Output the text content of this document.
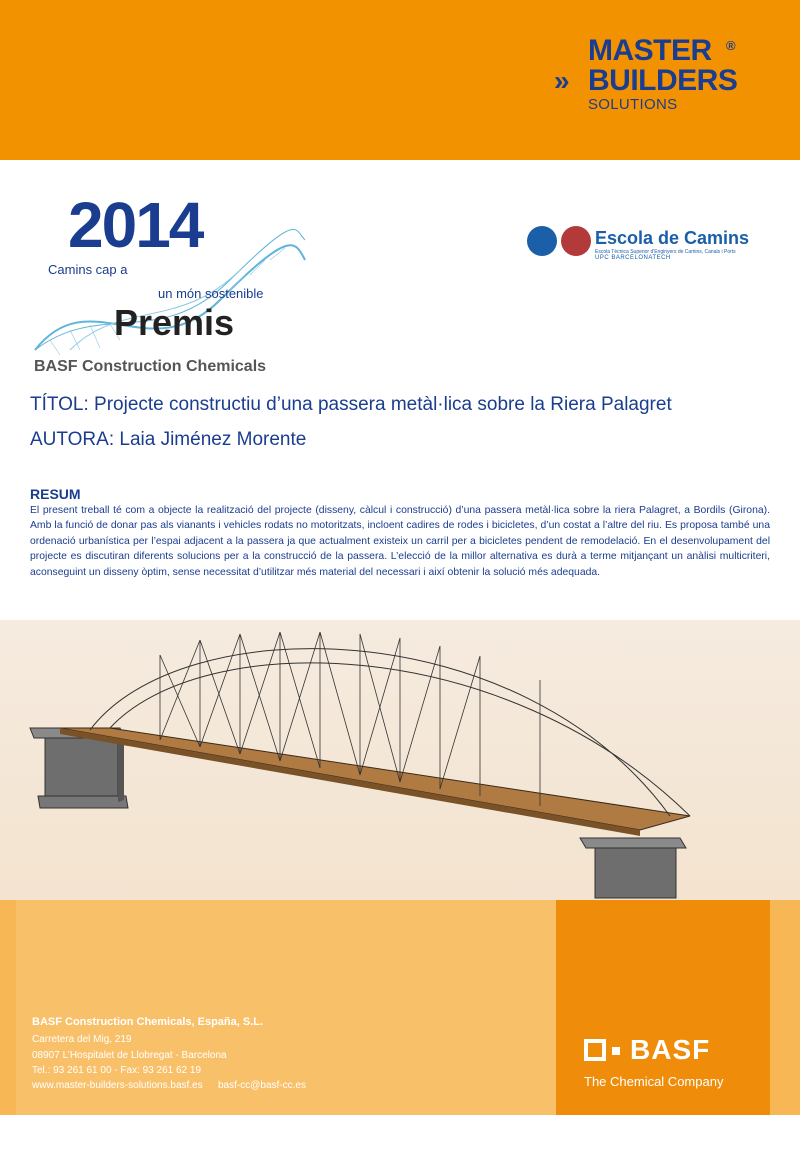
MASTER ®
» BUILDERS
SOLUTIONS
2014
Camins cap a
un món sostenible
Premis
BASF Construction Chemicals
Escola de Camins
Escola Tècnica Superior d'Enginyers de Camins, Canals i Ports
UPC BARCELONATECH
TÍTOL: Projecte constructiu d’una passera metàl·lica sobre la Riera Palagret
AUTORA: Laia Jiménez Morente
RESUM
El present treball té com a objecte la realització del projecte (disseny, càlcul i construcció) d’una passera metàl·lica sobre la riera Palagret, a Bordils (Girona). Amb la funció de donar pas als vianants i vehicles rodats no motoritzats, incloent cadires de rodes i bicicletes, d’un costat a l’altre del riu. Es proposa també una ordenació urbanística per l’espai adjacent a la passera ja que actualment existeix un carril per a bicicletes pendent de remodelació. En el desenvolupament del projecte es discutiran diferents solucions per a la construcció de la passera. L’elecció de la millor alternativa es durà a terme mitjançant un anàlisi multicriteri, aconseguint un disseny òptim, sense necessitat d’utilitzar més material del necessari i així obtenir la solució més adequada.
BASF Construction Chemicals, España, S.L.
Carretera del Mig, 219
08907 L’Hospitalet de Llobregat - Barcelona
Tel.: 93 261 61 00 - Fax: 93 261 62 19
www.master-builders-solutions.basf.es basf-cc@basf-cc.es
BASF
The Chemical Company
